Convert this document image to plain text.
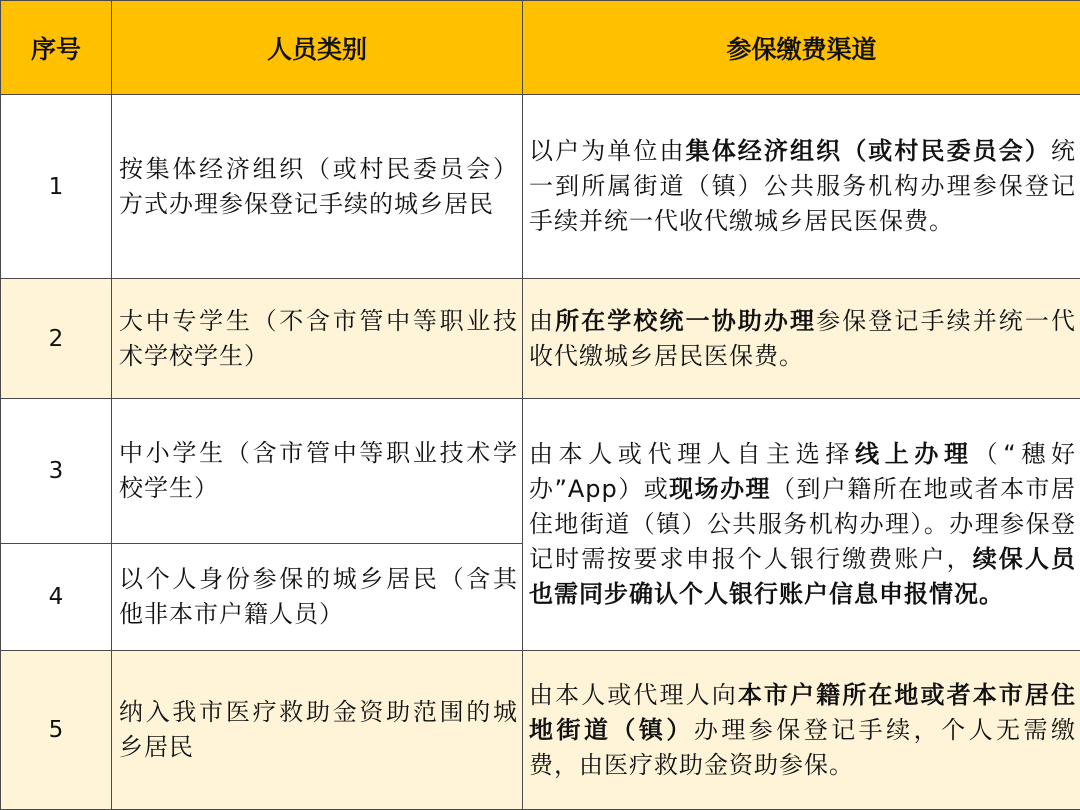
序号	人员类别	参保缴费渠道
1	按集体经济组织（或村民委员会）方式办理参保登记手续的城乡居民	以户为单位由集体经济组织（或村民委员会）统一到所属街道（镇）公共服务机构办理参保登记手续并统一代收代缴城乡居民医保费。
2	大中专学生（不含市管中等职业技术学校学生）	由所在学校统一协助办理参保登记手续并统一代收代缴城乡居民医保费。
3	中小学生（含市管中等职业技术学校学生）	由本人或代理人自主选择线上办理（“穗好办”App）或现场办理（到户籍所在地或者本市居住地街道（镇）公共服务机构办理）。办理参保登记时需按要求申报个人银行缴费账户，续保人员也需同步确认个人银行账户信息申报情况。
4	以个人身份参保的城乡居民（含其他非本市户籍人员）	
5	纳入我市医疗救助金资助范围的城乡居民	由本人或代理人向本市户籍所在地或者本市居住地街道（镇）办理参保登记手续，个人无需缴费，由医疗救助金资助参保。
